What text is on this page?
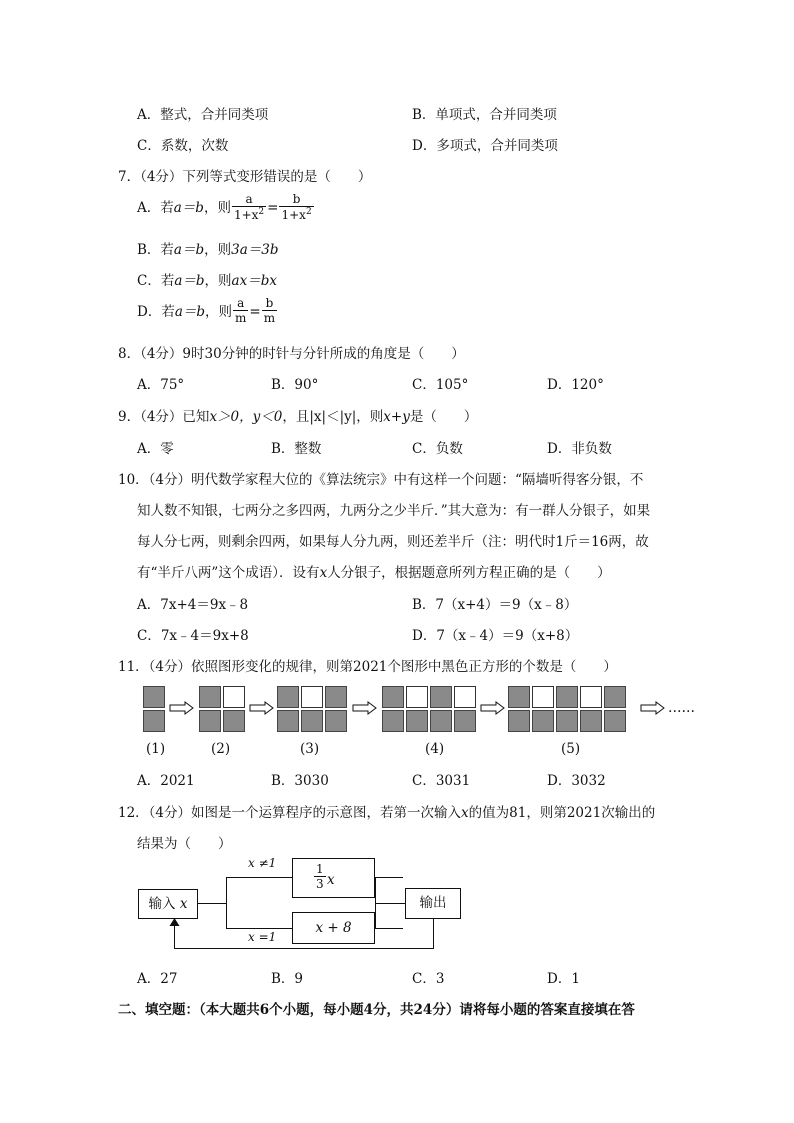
A．整式，合并同类项	B．单项式，合并同类项
C．系数，次数	D．多项式，合并同类项
7．（4分）下列等式变形错误的是（　　）
A．若a＝b，则 $\frac{a}{1+x^2} = \frac{b}{1+x^2}$
B．若a＝b，则3a＝3b
C．若a＝b，则ax＝bx
D．若a＝b，则 $\frac{a}{m} = \frac{b}{m}$
8．（4分）9时30分钟的时针与分针所成的角度是（　　）
A．75°	B．90°	C．105°	D．120°
9．（4分）已知x＞0，y＜0，且|x|＜|y|，则x+y是（　　）
A．零	B．整数	C．负数	D．非负数
10．（4分）明代数学家程大位的《算法统宗》中有这样一个问题：“隔墙听得客分银，不
知人数不知银，七两分之多四两，九两分之少半斤．”其大意为：有一群人分银子，如果
每人分七两，则剩余四两，如果每人分九两，则还差半斤（注：明代时1斤＝16两，故
有“半斤八两”这个成语）．设有x人分银子，根据题意所列方程正确的是（　　）
A．7x+4＝9x﹣8	B．7（x+4）＝9（x﹣8）
C．7x﹣4＝9x+8	D．7（x﹣4）＝9（x+8）
11．（4分）依照图形变化的规律，则第2021个图形中黑色正方形的个数是（　　）
……
(1)	(2)	(3)	(4)	(5)
A．2021	B．3030	C．3031	D．3032
12．（4分）如图是一个运算程序的示意图，若第一次输入x的值为81，则第2021次输出的
结果为（　　）
输入 x
$\frac{1}{3}$ x
x + 8
x ≠1
x =1
输出
A．27	B．9	C．3	D．1
二、填空题：（本大题共6个小题，每小题4分，共24分）请将每小题的答案直接填在答
